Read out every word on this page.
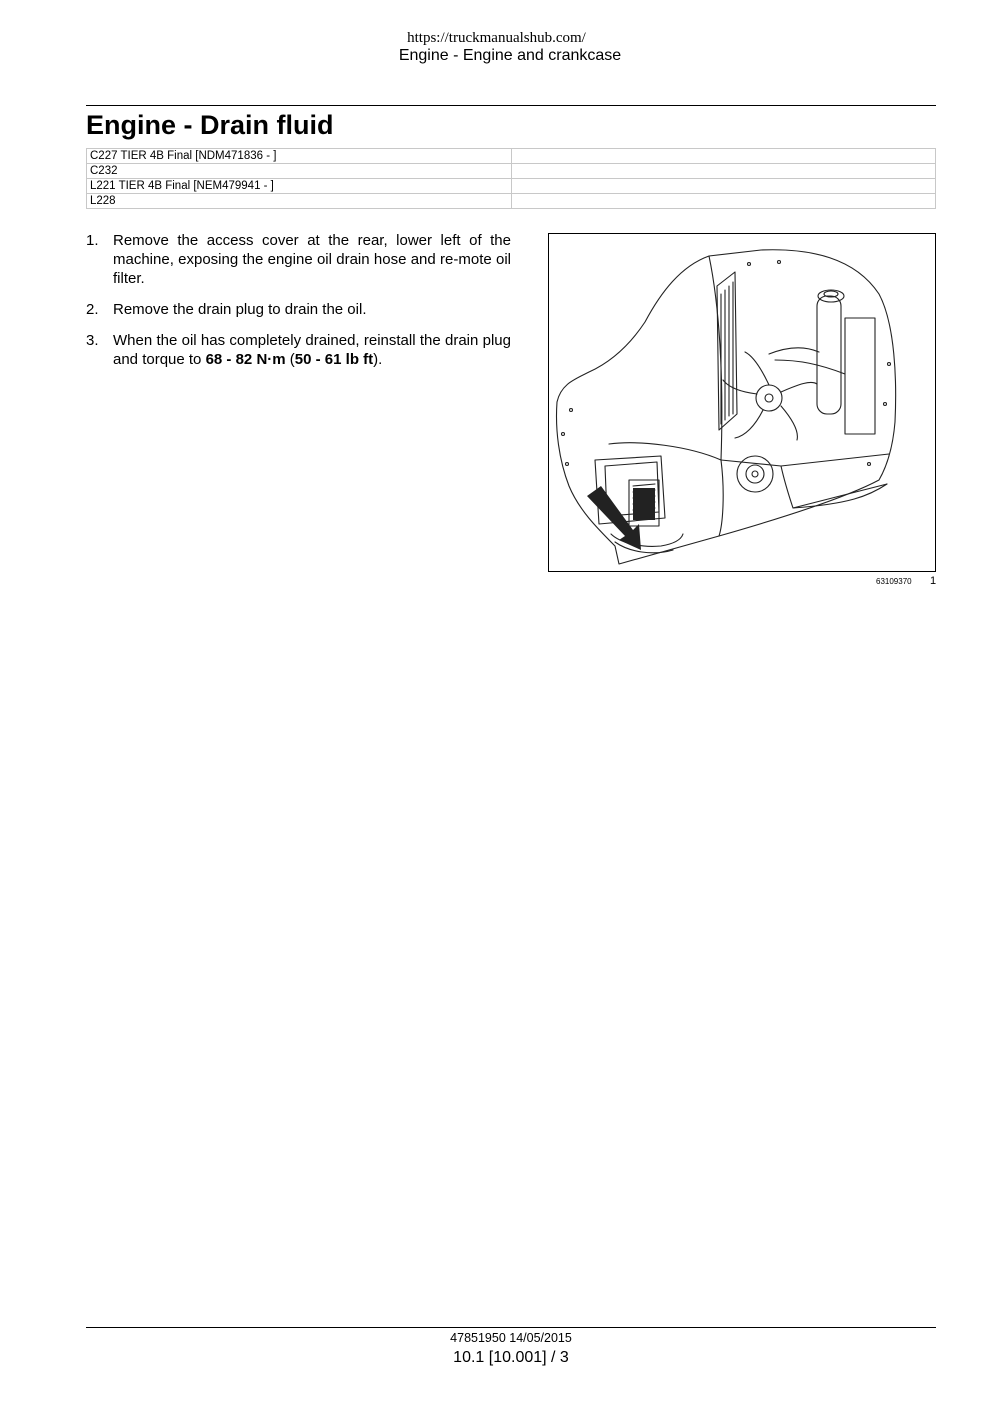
https://truckmanualshub.com/
Engine - Engine and crankcase
Engine - Drain fluid
C227 TIER 4B Final [NDM471836 - ]	
C232	
L221 TIER 4B Final [NEM479941 - ]	
L228	
1. Remove the access cover at the rear, lower left of the machine, exposing the engine oil drain hose and re-mote oil filter.
2. Remove the drain plug to drain the oil.
3. When the oil has completely drained, reinstall the drain plug and torque to 68 - 82 N·m (50 - 61 lb ft).
63109370 1
47851950 14/05/2015
10.1 [10.001] / 3
